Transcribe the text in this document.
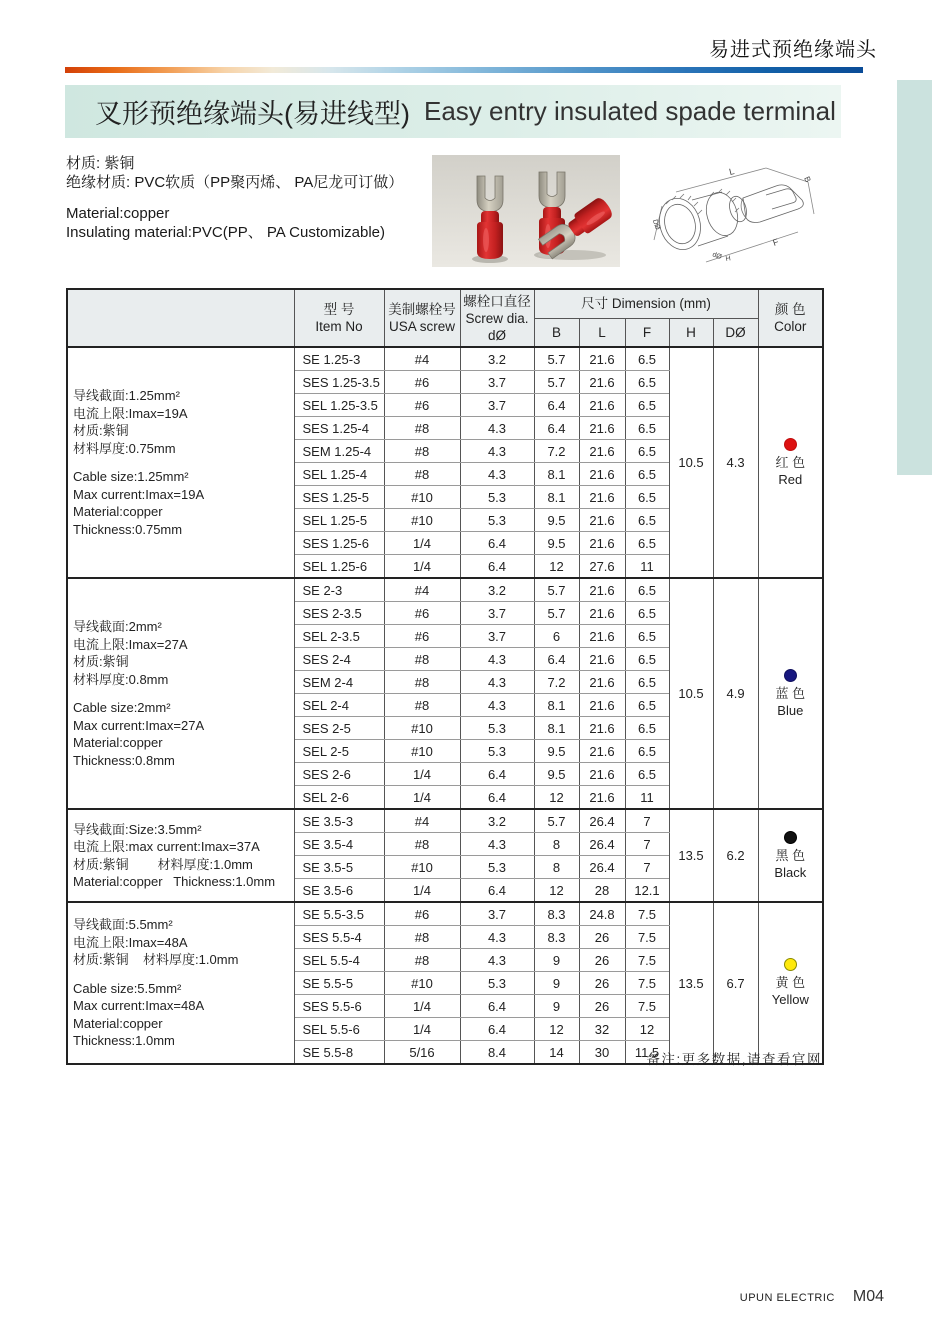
易进式预绝缘端头
叉形预绝缘端头(易进线型) Easy entry insulated spade terminal
材质: 紫铜
绝缘材质: PVC软质（PP聚丙烯、 PA尼龙可订做）
Material:copper
Insulating material:PVC(PP、 PA Customizable)
L
B
DØ
dØ H
F

型 号
Item No

美制螺栓号
USA screw

螺栓口直径
Screw dia.
dØ
	尺寸 Dimension (mm)	颜 色
Color

				B	L	F	H	DØ	

导线截面:1.25mm²
电流上限:Imax=19A
材质:紫铜
材料厚度:0.75mm
Cable size:1.25mm²
Max current:Imax=19A
Material:copper
Thickness:0.75mm
	SE 1.25-3	#4	3.2	5.7	21.6	6.5	10.5	4.3	红 色
Red

	SES 1.25-3.5	#6	3.7	5.7	21.6	6.5			
	SEL 1.25-3.5	#6	3.7	6.4	21.6	6.5			
	SES 1.25-4	#8	4.3	6.4	21.6	6.5			
	SEM 1.25-4	#8	4.3	7.2	21.6	6.5			
	SEL 1.25-4	#8	4.3	8.1	21.6	6.5			
	SES 1.25-5	#10	5.3	8.1	21.6	6.5			
	SEL 1.25-5	#10	5.3	9.5	21.6	6.5			
	SES 1.25-6	1/4	6.4	9.5	21.6	6.5			
	SEL 1.25-6	1/4	6.4	12	27.6	11			

导线截面:2mm²
电流上限:Imax=27A
材质:紫铜
材料厚度:0.8mm
Cable size:2mm²
Max current:Imax=27A
Material:copper
Thickness:0.8mm
	SE 2-3	#4	3.2	5.7	21.6	6.5	10.5	4.9	蓝 色
Blue

	SES 2-3.5	#6	3.7	5.7	21.6	6.5			
	SEL 2-3.5	#6	3.7	6	21.6	6.5			
	SES 2-4	#8	4.3	6.4	21.6	6.5			
	SEM 2-4	#8	4.3	7.2	21.6	6.5			
	SEL 2-4	#8	4.3	8.1	21.6	6.5			
	SES 2-5	#10	5.3	8.1	21.6	6.5			
	SEL 2-5	#10	5.3	9.5	21.6	6.5			
	SES 2-6	1/4	6.4	9.5	21.6	6.5			
	SEL 2-6	1/4	6.4	12	21.6	11			

导线截面:Size:3.5mm²
电流上限:max current:Imax=37A
材质:紫铜        材料厚度:1.0mm
Material:copper   Thickness:1.0mm
	SE 3.5-3	#4	3.2	5.7	26.4	7	13.5	6.2	黑 色
Black

	SE 3.5-4	#8	4.3	8	26.4	7			
	SE 3.5-5	#10	5.3	8	26.4	7			
	SE 3.5-6	1/4	6.4	12	28	12.1			

导线截面:5.5mm²
电流上限:Imax=48A
材质:紫铜    材料厚度:1.0mm
Cable size:5.5mm²
Max current:Imax=48A
Material:copper
Thickness:1.0mm
	SE 5.5-3.5	#6	3.7	8.3	24.8	7.5	13.5	6.7	黄 色
Yellow

	SES 5.5-4	#8	4.3	8.3	26	7.5			
	SEL 5.5-4	#8	4.3	9	26	7.5			
	SE 5.5-5	#10	5.3	9	26	7.5			
	SES 5.5-6	1/4	6.4	9	26	7.5			
	SEL 5.5-6	1/4	6.4	12	32	12			
	SE 5.5-8	5/16	8.4	14	30	11.5			
备注:更多数据,请查看官网
UPUN ELECTRIC M04
